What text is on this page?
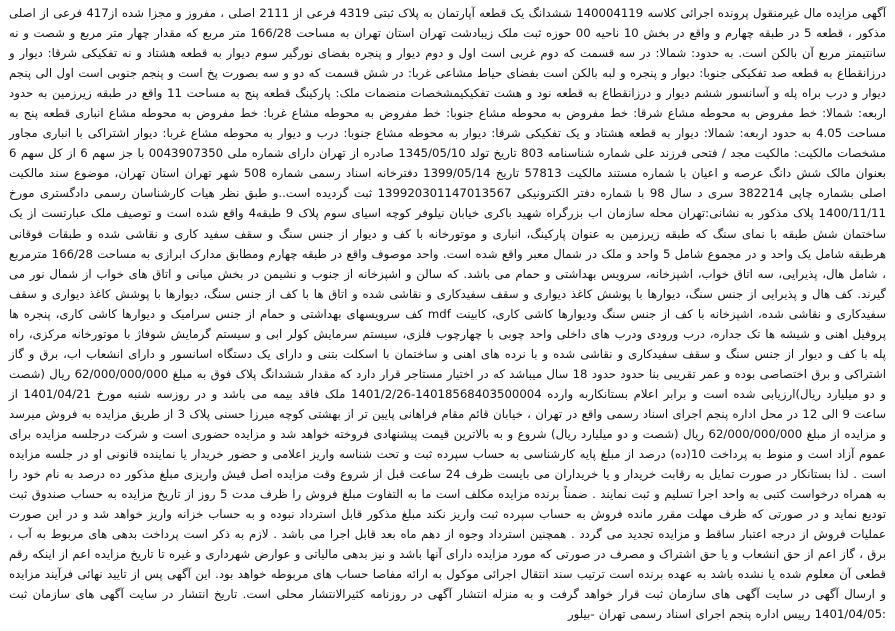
آگهی مزایده مال غیرمنقول پرونده اجرائی کلاسه 140004119 ششدانگ یک قطعه آپارتمان به پلاک ثبتی 4319 فرعی از 2111 اصلی ، مفروز و مجزا شده از417 فرعی از اصلی مذکور ، قطعه 5 در طبقه چهارم و واقع در بخش 10 ناحیه 00 حوزه ثبت ملک زیبادشت تهران استان تهران به مساحت 166/28 متر مربع که مقدار چهار متر مربع و شصت و نه سانتیمتر مربع آن بالکن است. به حدود: شمالا: در سه قسمت که دوم غربی است اول و دوم دیوار و پنجره بفضای نورگیر سوم دیوار به قطعه هشتاد و نه تفکیکی شرقا: دیوار و درزانقطاع به قطعه صد تفکیکی جنوبا: دیوار و پنجره و لبه بالکن است بفضای حیاط مشاعی غربا: در شش قسمت که دو و سه بصورت پخ است و پنجم جنوبی است اول الی پنجم دیوار و درب براه پله و آسانسور ششم دیوار و درزانقطاع به قطعه نود و هشت تفکیکیمشخصات منضمات ملک: پارکینگ قطعه پنج به مساحت 11 واقع در طبقه زیرزمین به حدود اربعه: شمالا: خط مفروض به محوطه مشاع شرقا: خط مفروض به محوطه مشاع جنوبا: خط مفروض به محوطه مشاع غربا: خط مفروض به محوطه مشاع انباری قطعه پنج به مساحت 4.05 به حدود اربعه: شمالا: دیوار به قطعه هشتاد و یک تفکیکی شرقا: دیوار به محوطه مشاع جنوبا: درب و دیوار به محوطه مشاع غربا: دیوار اشتراکی با انباری مجاور مشخصات مالکیت: مالکیت مجد / فتحی فرزند علی شماره شناسنامه 803 تاریخ تولد 1345/05/10 صادره از تهران دارای شماره ملی 0043907350 با جز سهم 6 از کل سهم 6 بعنوان مالک شش دانگ عرصه و اعیان با شماره مستند مالکیت 57813 تاریخ 1399/05/14 دفترخانه اسناد رسمی شماره 508 شهر تهران استان تهران، موضوع سند مالکیت اصلی بشماره چاپی 382214 سری د سال 98 با شماره دفتر الکترونیکی 139920301147013567 ثبت گردیده است..و طبق نظر هیات کارشناسان رسمی دادگستری مورخ 1400/11/11 پلاک مذکور به نشانی:تهران محله سازمان اب بزرگراه شهید باکری خیابان نیلوفر کوچه اسیای سوم پلاک 9 طبقه4 واقع شده است و توصیف ملک عبارتست از یک ساختمان شش طبقه با نمای سنگ که طبقه زیرزمین به عنوان پارکینگ، انباری و موتورخانه با کف و دیوار از جنس سنگ و سقف سفید کاری و نقاشی شده و طبقات فوقانی هرطبقه شامل یک واحد و در مجموع شامل 5 واحد و ملک در شمال معبر واقع شده است. واحد موصوف واقع در طبقه چهارم ومطابق مدارک ابرازی به مساحت 166/28 مترمربع ، شامل هال، پذیرایی، سه اتاق خواب، اشپزخانه، سرویس بهداشتی و حمام می باشد. که سالن و اشپزخانه از جنوب و نشیمن در بخش میانی و اتاق های خواب از شمال نور می گیرند. کف هال و پذیرایی از جنس سنگ، دیوارها با پوشش کاغذ دیواری و سقف سفیدکاری و نقاشی شده و اتاق ها با کف از جنس سنگ، دیوارها با پوشش کاغذ دیواری و سقف سفیدکاری و نقاشی شده، اشپزخانه با کف از جنس سنگ ودیوارها کاشی کاری، کابینت mdf کف سرویسهای بهداشتی و حمام از جنس سرامیک و دیوارها کاشی کاری، پنجره ها پروفیل اهنی و شیشه ها تک جداره، درب ورودی ودرب های داخلی واحد چوبی با چهارچوب فلزی، سیستم سرمایش کولر ابی و سیستم گرمایش شوفاژ با موتورخانه مرکزی، راه پله با کف و دیوار از جنس سنگ و سقف سفیدکاری و نقاشی شده و با نرده های اهنی و ساختمان با اسکلت بتنی و دارای یک دستگاه اسانسور و دارای انشعاب اب، برق و گاز اشتراکی و برق اختصاصی بوده و عمر تقریبی بنا حدود حدود 18 سال میباشد که در اختیار مستاجر قرار دارد که مقدار ششدانگ پلاک فوق به مبلغ 62/000/000/000 ریال (شصت و دو میلیارد ریال)ارزیابی شده است و برابر اعلام بستانکاربه وارده 14018568403500004-1401/2/26 ملک فاقد بیمه می باشد و در روزسه شنبه مورخ 1401/04/21 از ساعت 9 الی 12 در محل اداره پنجم اجرای اسناد رسمی واقع در تهران ، خیابان قائم مقام فراهانی پایین تر از بهشتی کوچه میرزا حسنی پلاک 3 از طریق مزایده به فروش میرسد و مزایده از مبلغ 62/000/000/000 ریال (شصت و دو میلیارد ریال) شروع و به بالاترین قیمت پیشنهادی فروخته خواهد شد و مزایده حضوری است و شرکت درجلسه مزایده برای عموم آزاد است و منوط به پرداخت 10(ده) درصد از مبلغ پایه کارشناسی به حساب سپرده ثبت و تحت شناسه واریز اعلامی و حضور خریدار یا نماینده قانونی او در جلسه مزایده است . لذا بستانکار در صورت تمایل به رقابت خریدار و یا خریداران می بایست ظرف 24 ساعت قبل از شروع وقت مزایده اصل فیش واریزی مبلغ مذکور ده درصد به نام خود را به همراه درخواست کتبی به واحد اجرا تسلیم و ثبت نمایند . ضمناً برنده مزایده مکلف است ما به التفاوت مبلغ فروش را ظرف مدت 5 روز از تاریخ مزایده به حساب صندوق ثبت تودیع نماید و در صورتی که ظرف مهلت مقرر مانده فروش به حساب سپرده ثبت واریز نکند مبلغ مذکور قابل استرداد نبوده و به حساب خزانه واریز خواهد شد و در این صورت عملیات فروش از درجه اعتبار ساقط و مزایده تجدید می گردد . همچنین استرداد وجوه از دهم ماه بعد قابل اجرا می باشد . لازم به ذکر است پرداخت بدهی های مربوط به آب ، برق ، گاز اعم از حق انشعاب و یا حق اشتراک و مصرف در صورتی که مورد مزایده دارای آنها باشد و نیز بدهی مالیاتی و عوارض شهرداری و غیره تا تاریخ مزایده اعم از اینکه رقم قطعی آن معلوم شده یا نشده باشد به عهده برنده است ترتیب سند انتقال اجرائی موکول به ارائه مفاصا حساب های مربوطه خواهد بود. این آگهی پس از تایید نهائی فرآیند مزایده و ارسال آگهی در سایت آگهی های سازمان ثبت قرار خواهد گرفت و به منزله انتشار آگهی در روزنامه کثیرالانتشار محلی است. تاریخ انتشار در سایت آگهی های سازمان ثبت :1401/04/05 رییس اداره پنجم اجرای اسناد رسمی تهران -بیلور
